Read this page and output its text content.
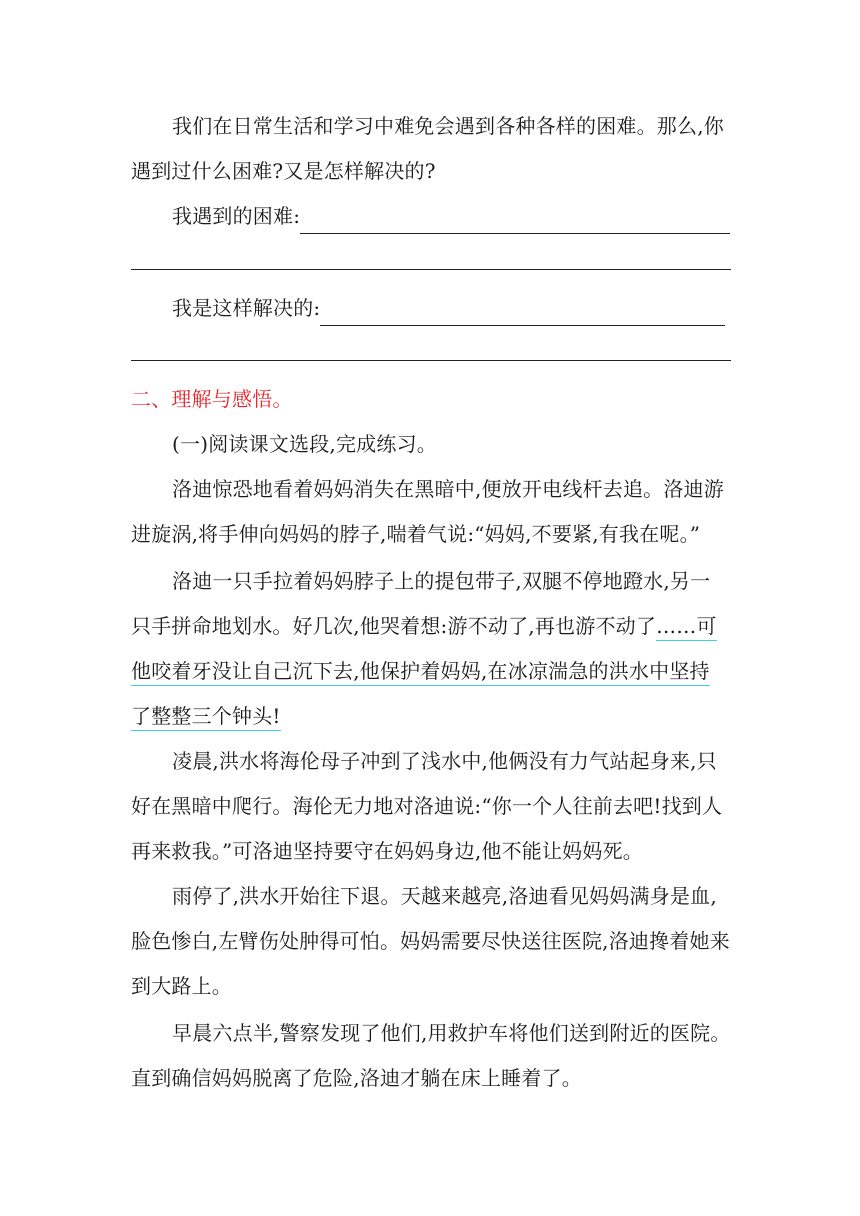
我们在日常生活和学习中难免会遇到各种各样的困难。那么,你
遇到过什么困难?又是怎样解决的?
我遇到的困难:
我是这样解决的:
二、理解与感悟。
(一)阅读课文选段,完成练习。
洛迪惊恐地看着妈妈消失在黑暗中,便放开电线杆去追。洛迪游
进旋涡,将手伸向妈妈的脖子,喘着气说:“妈妈,不要紧,有我在呢。”
洛迪一只手拉着妈妈脖子上的提包带子,双腿不停地蹬水,另一
只手拼命地划水。好几次,他哭着想:游不动了,再也游不动了……可
他咬着牙没让自己沉下去,他保护着妈妈,在冰凉湍急的洪水中坚持
了整整三个钟头!
凌晨,洪水将海伦母子冲到了浅水中,他俩没有力气站起身来,只
好在黑暗中爬行。海伦无力地对洛迪说:“你一个人往前去吧!找到人
再来救我。”可洛迪坚持要守在妈妈身边,他不能让妈妈死。
雨停了,洪水开始往下退。天越来越亮,洛迪看见妈妈满身是血,
脸色惨白,左臂伤处肿得可怕。妈妈需要尽快送往医院,洛迪搀着她来
到大路上。
早晨六点半,警察发现了他们,用救护车将他们送到附近的医院。
直到确信妈妈脱离了危险,洛迪才躺在床上睡着了。
